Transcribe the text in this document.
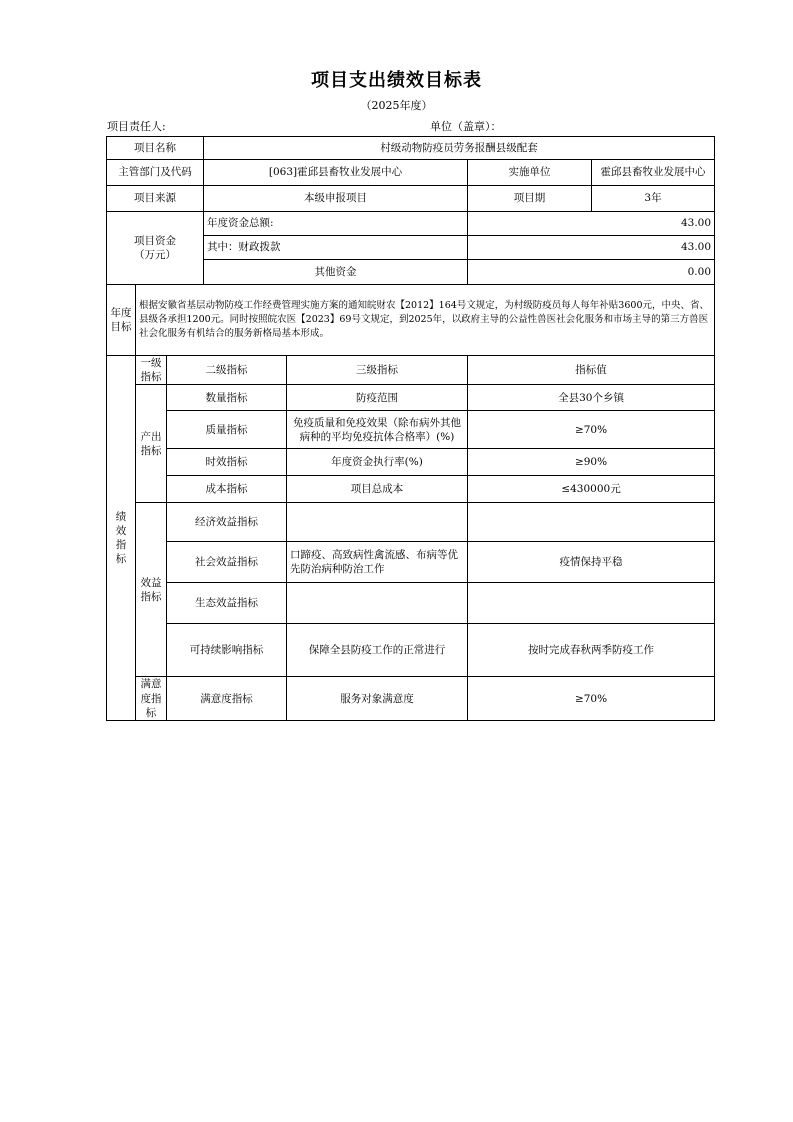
项目支出绩效目标表
（2025年度）
项目责任人:	单位（盖章）：
项目名称			村级动物防疫员劳务报酬县级配套			
主管部门及代码			[063]霍邱县畜牧业发展中心		实施单位	霍邱县畜牧业发展中心
项目来源			本级申报项目		项目期	3年
项目资金
（万元）			年度资金总额:		43.00	
			其中：财政拨款		43.00	
			其他资金		0.00	
年度
目标	根据安徽省基层动物防疫工作经费管理实施方案的通知皖财农【2012】164号文规定，为村级防疫员每人每年补贴3600元，中央、省、县级各承担1200元。同时按照皖农医【2023】69号文规定，到2025年，以政府主导的公益性兽医社会化服务和市场主导的第三方兽医社会化服务有机结合的服务新格局基本形成。					
绩
效
指
标	一级
指标	二级指标		三级指标	指标值	
	产出
指标	数量指标		防疫范围	全县30个乡镇	
		质量指标		免疫质量和免疫效果（除布病外其他病种的平均免疫抗体合格率）(%)	≥70%	
		时效指标		年度资金执行率(%)	≥90%	
		成本指标		项目总成本	≤430000元	
	效益
指标	经济效益指标				
		社会效益指标		口蹄疫、高致病性禽流感、布病等优先防治病种防治工作	疫情保持平稳	
		生态效益指标				
		可持续影响指标		保障全县防疫工作的正常进行	按时完成春秋两季防疫工作	
	满意
度指
标	满意度指标		服务对象满意度	≥70%	
